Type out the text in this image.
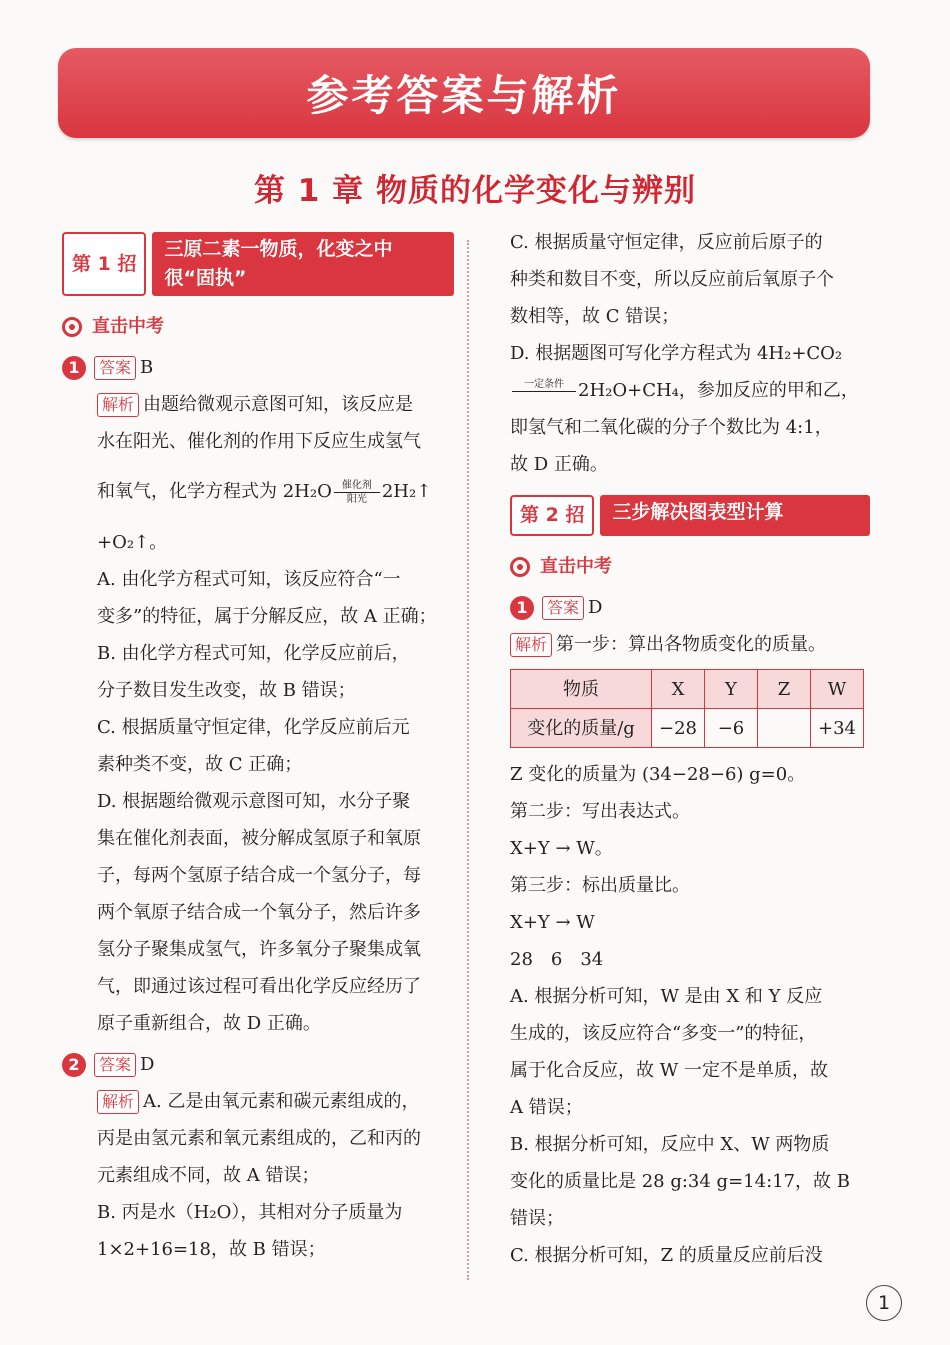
参考答案与解析
第 1 章 物质的化学变化与辨别
第 1 招
三原二素一物质，化变之中
很“固执”
直击中考
1	答案 B

解析 由题给微观示意图可知，该反应是

水在阳光、催化剂的作用下反应生成氢气

和氧气，化学方程式为 $2H_2O \frac{\text{催化剂}}{\text{阳光}}$ 2H₂↑

+O₂↑。

A. 由化学方程式可知，该反应符合“一

变多”的特征，属于分解反应，故 A 正确；

B. 由化学方程式可知，化学反应前后，

分子数目发生改变，故 B 错误；

C. 根据质量守恒定律，化学反应前后元

素种类不变，故 C 正确；

D. 根据题给微观示意图可知，水分子聚

集在催化剂表面，被分解成氢原子和氧原

子，每两个氢原子结合成一个氢分子，每

两个氧原子结合成一个氧分子，然后许多

氢分子聚集成氢气，许多氧分子聚集成氧

气，即通过该过程可看出化学反应经历了

原子重新组合，故 D 正确。

2	答案 D

解析 A. 乙是由氧元素和碳元素组成的，

丙是由氢元素和氧元素组成的，乙和丙的

元素组成不同，故 A 错误；

B. 丙是水（H₂O），其相对分子质量为

1×2+16=18，故 B 错误；

C. 根据质量守恒定律，反应前后原子的

种类和数目不变，所以反应前后氧原子个

数相等，故 C 错误；

D. 根据题图可写化学方程式为 4H₂+CO₂

一定条件
2H₂O+CH₄，参加反应的甲和乙，

即氢气和二氧化碳的分子个数比为 4:1，

故 D 正确。

第 2 招	三步解决图表型计算
直击中考
1	答案 D

解析 第一步：算出各物质变化的质量。

物质	X	Y	Z	W
变化的质量/g	−28	−6		+34

Z 变化的质量为 (34−28−6) g=0。

第二步：写出表达式。

X+Y → W。

第三步：标出质量比。

X+Y → W

28　6　34

A. 根据分析可知，W 是由 X 和 Y 反应

生成的，该反应符合“多变一”的特征，

属于化合反应，故 W 一定不是单质，故

A 错误；

B. 根据分析可知，反应中 X、W 两物质

变化的质量比是 28 g:34 g=14:17，故 B

错误；

C. 根据分析可知，Z 的质量反应前后没

1
